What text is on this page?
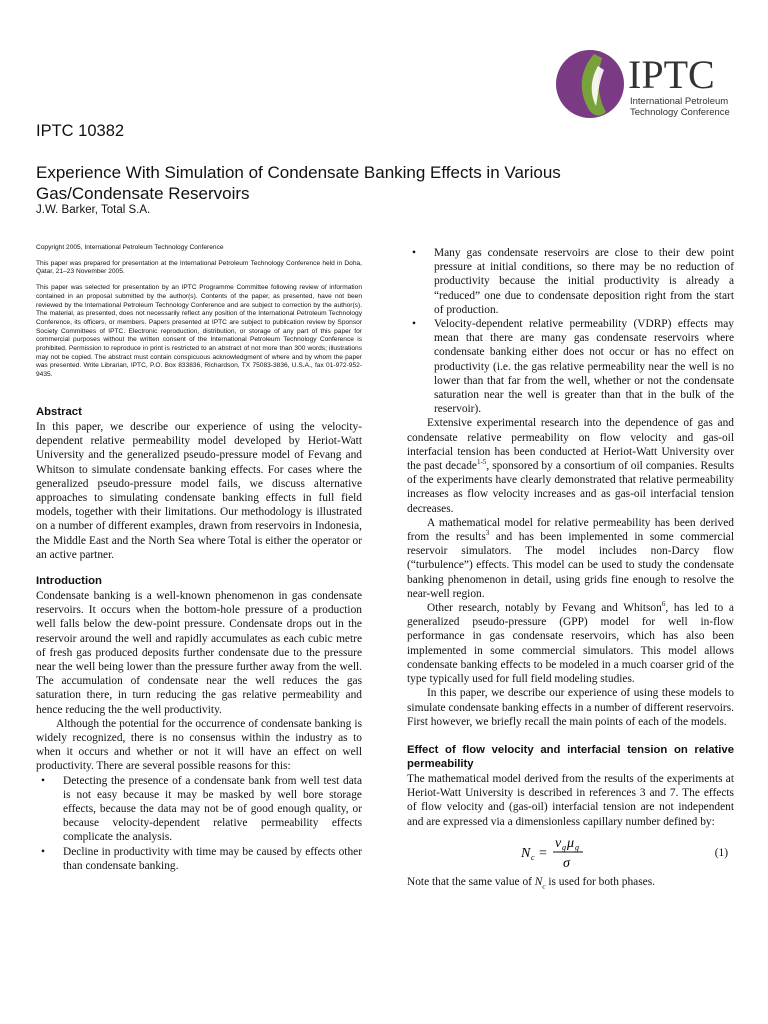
IPTC
International Petroleum
Technology Conference
IPTC 10382
Experience With Simulation of Condensate Banking Effects in Various Gas/Condensate Reservoirs
J.W. Barker, Total S.A.

Copyright 2005, International Petroleum Technology Conference

This paper was prepared for presentation at the International Petroleum Technology Conference held in Doha, Qatar, 21–23 November 2005.

This paper was selected for presentation by an IPTC Programme Committee following review of information contained in an proposal submitted by the author(s). Contents of the paper, as presented, have not been reviewed by the International Petroleum Technology Conference and are subject to correction by the author(s). The material, as presented, does not necessarily reflect any position of the International Petroleum Technology Conference, its officers, or members. Papers presented at IPTC are subject to publication review by Sponsor Society Committees of IPTC. Electronic reproduction, distribution, or storage of any part of this paper for commercial purposes without the written consent of the International Petroleum Technology Conference is prohibited. Permission to reproduce in print is restricted to an abstract of not more than 300 words; illustrations may not be copied. The abstract must contain conspicuous acknowledgment of where and by whom the paper was presented. Write Librarian, IPTC, P.O. Box 833836, Richardson, TX 75083-3836, U.S.A., fax 01-972-952-9435.

Abstract

In this paper, we describe our experience of using the velocity-dependent relative permeability model developed by Heriot-Watt University and the generalized pseudo-pressure model of Fevang and Whitson to simulate condensate banking effects. For cases where the generalized pseudo-pressure model fails, we discuss alternative approaches to simulating condensate banking effects in full field models, together with their limitations. Our methodology is illustrated on a number of different examples, drawn from reservoirs in Indonesia, the Middle East and the North Sea where Total is either the operator or an active partner.

Introduction

Condensate banking is a well-known phenomenon in gas condensate reservoirs. It occurs when the bottom-hole pressure of a production well falls below the dew-point pressure. Condensate drops out in the reservoir around the well and rapidly accumulates as each cubic metre of fresh gas produced deposits further condensate due to the pressure near the well being lower than the pressure further away from the well. The accumulation of condensate near the well reduces the gas saturation there, in turn reducing the gas relative permeability and hence reducing the the well productivity.

Although the potential for the occurrence of condensate banking is widely recognized, there is no consensus within the industry as to when it occurs and whether or not it will have an effect on well productivity. There are several possible reasons for this:

• Detecting the presence of a condensate bank from well test data is not easy because it may be masked by well bore storage effects, because the data may not be of good enough quality, or because velocity-dependent relative permeability effects complicate the analysis.
• Decline in productivity with time may be caused by effects other than condensate banking.
• Many gas condensate reservoirs are close to their dew point pressure at initial conditions, so there may be no reduction of productivity because the initial productivity is already a “reduced” one due to condensate deposition right from the start of production.
• Velocity-dependent relative permeability (VDRP) effects may mean that there are many gas condensate reservoirs where condensate banking either does not occur or has no effect on productivity (i.e. the gas relative permeability near the well is no lower than that far from the well, whether or not the condensate saturation near the well is greater than that in the bulk of the reservoir).

Extensive experimental research into the dependence of gas and condensate relative permeability on flow velocity and gas-oil interfacial tension has been conducted at Heriot-Watt University over the past decade$^{1-5}$, sponsored by a consortium of oil companies. Results of the experiments have clearly demonstrated that relative permeability increases as flow velocity increases and as gas-oil interfacial tension decreases.

A mathematical model for relative permeability has been derived from the results$^3$ and has been implemented in some commercial reservoir simulators. The model includes non-Darcy flow (“turbulence”) effects. This model can be used to study the condensate banking phenomenon in detail, using grids fine enough to resolve the near-well region.

Other research, notably by Fevang and Whitson$^6$, has led to a generalized pseudo-pressure (GPP) model for well in-flow performance in gas condensate reservoirs, which has also been implemented in some commercial simulators. This model allows condensate banking effects to be modeled in a much coarser grid of the type typically used for full field modeling studies.

In this paper, we describe our experience of using these models to simulate condensate banking effects in a number of different reservoirs. First however, we briefly recall the main points of each of the models.

Effect of flow velocity and interfacial tension on relative permeability

The mathematical model derived from the results of the experiments at Heriot-Watt University is described in references 3 and 7. The effects of flow velocity and (gas-oil) interfacial tension are not independent and are expressed via a dimensionless capillary number defined by:

N c =
v g μ g
σ
(1)

Note that the same value of $N_c$ is used for both phases.
